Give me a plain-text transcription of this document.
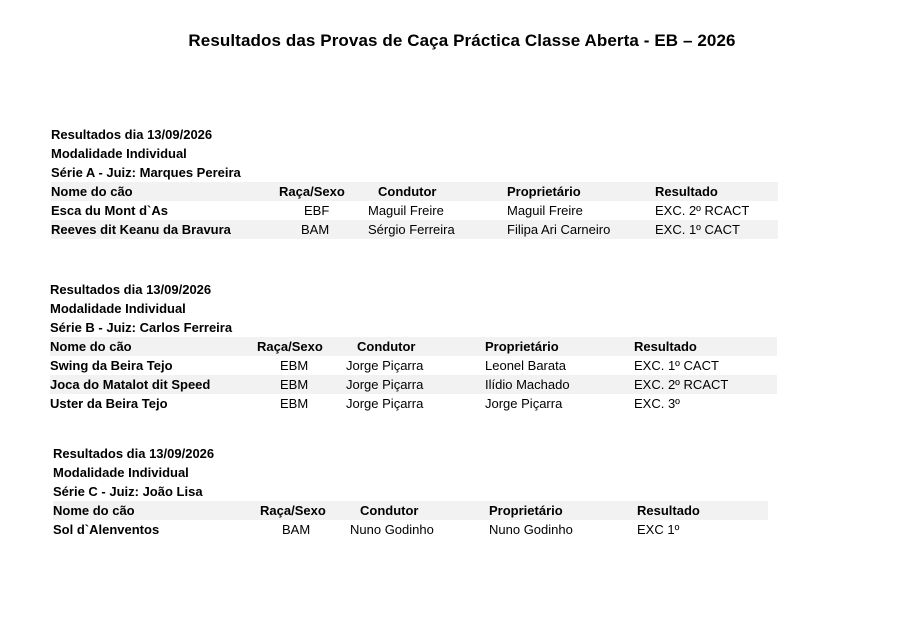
Resultados das Provas de Caça Práctica Classe Aberta - EB – 2026
Resultados dia 13/09/2026
Modalidade Individual
Série A - Juiz: Marques Pereira
Nome do cão	Raça/Sexo	Condutor	Proprietário	Resultado
Esca du Mont d`As	EBF	Maguil Freire	Maguil Freire	EXC. 2º RCACT
Reeves dit Keanu da Bravura	BAM	Sérgio Ferreira	Filipa Ari Carneiro	EXC. 1º CACT
Resultados dia 13/09/2026
Modalidade Individual
Série B - Juiz: Carlos Ferreira
Nome do cão	Raça/Sexo	Condutor	Proprietário	Resultado
Swing da Beira Tejo	EBM	Jorge Piçarra	Leonel Barata	EXC. 1º CACT
Joca do Matalot dit Speed	EBM	Jorge Piçarra	Ilídio Machado	EXC. 2º RCACT
Uster da Beira Tejo	EBM	Jorge Piçarra	Jorge Piçarra	EXC. 3º
Resultados dia 13/09/2026
Modalidade Individual
Série C - Juiz: João Lisa
Nome do cão	Raça/Sexo	Condutor	Proprietário	Resultado
Sol d`Alenventos	BAM	Nuno Godinho	Nuno Godinho	EXC 1º
